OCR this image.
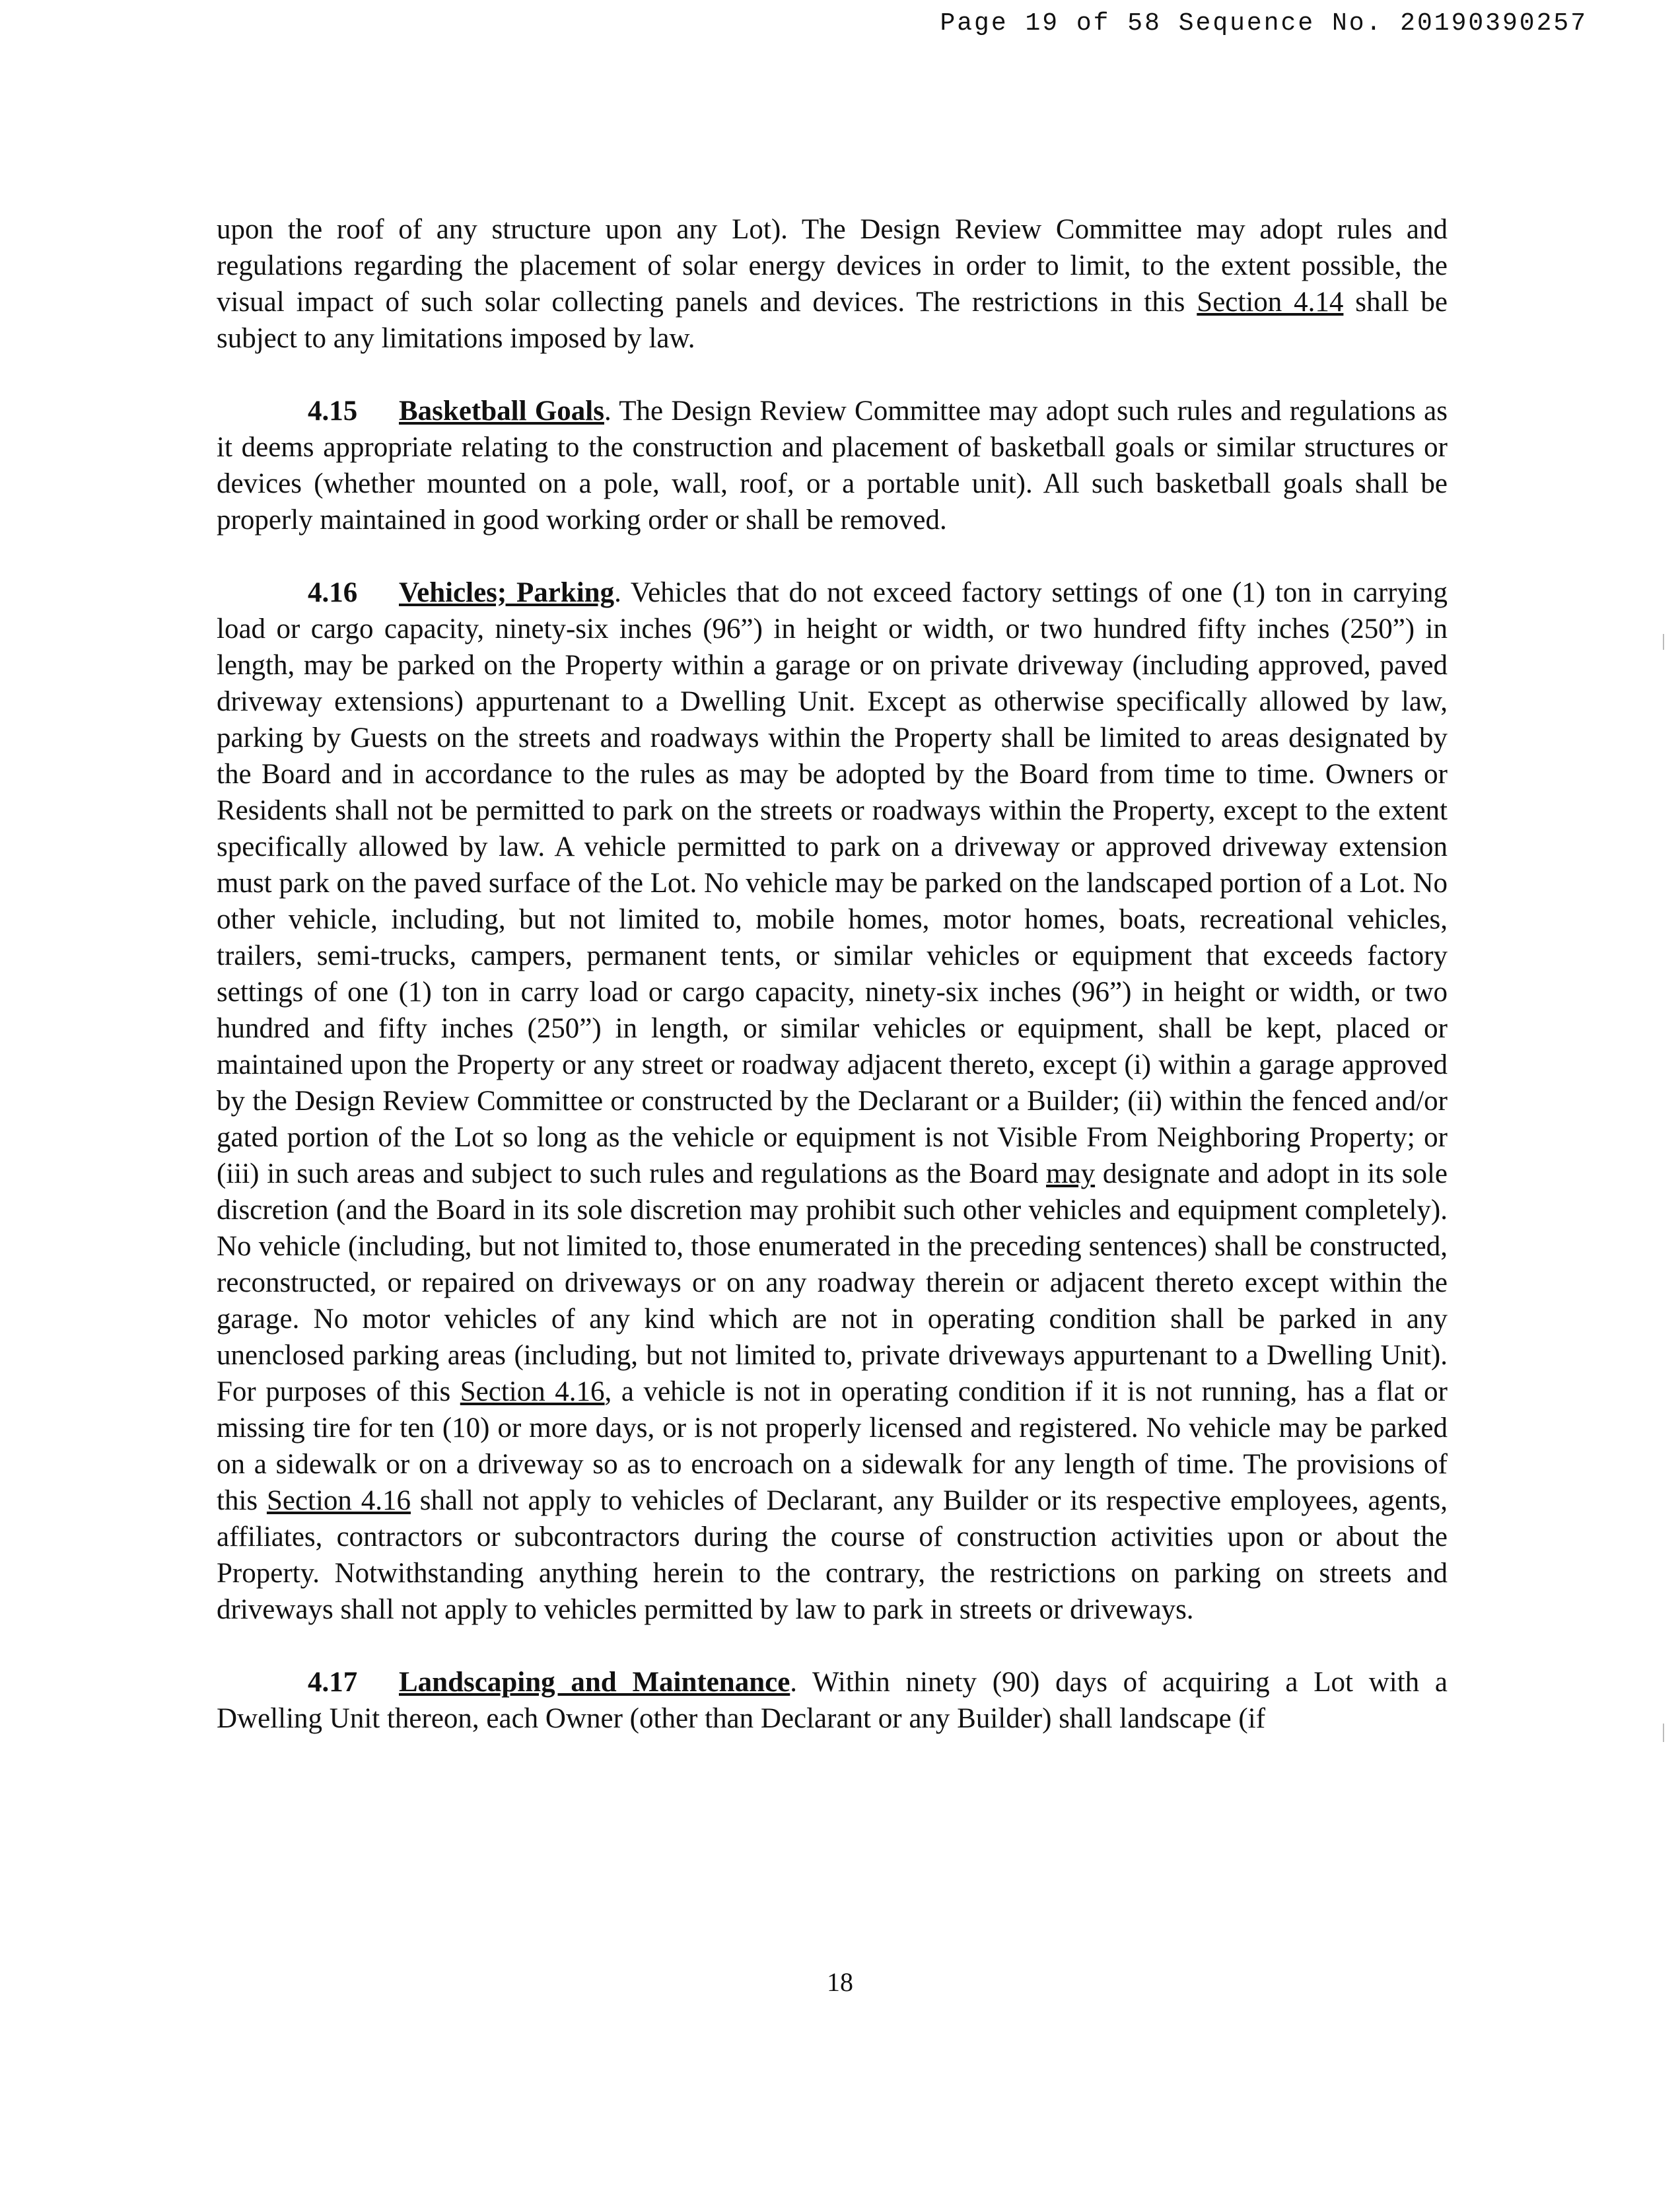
Page 19 of 58 Sequence No. 20190390257

upon the roof of any structure upon any Lot). The Design Review Committee may adopt rules and regulations regarding the placement of solar energy devices in order to limit, to the extent possible, the visual impact of such solar collecting panels and devices. The restrictions in this Section 4.14 shall be subject to any limitations imposed by law.

4.15 Basketball Goals. The Design Review Committee may adopt such rules and regulations as it deems appropriate relating to the construction and placement of basketball goals or similar structures or devices (whether mounted on a pole, wall, roof, or a portable unit). All such basketball goals shall be properly maintained in good working order or shall be removed.

4.16 Vehicles; Parking. Vehicles that do not exceed factory settings of one (1) ton in carrying load or cargo capacity, ninety-six inches (96”) in height or width, or two hundred fifty inches (250”) in length, may be parked on the Property within a garage or on private driveway (including approved, paved driveway extensions) appurtenant to a Dwelling Unit. Except as otherwise specifically allowed by law, parking by Guests on the streets and roadways within the Property shall be limited to areas designated by the Board and in accordance to the rules as may be adopted by the Board from time to time. Owners or Residents shall not be permitted to park on the streets or roadways within the Property, except to the extent specifically allowed by law. A vehicle permitted to park on a driveway or approved driveway extension must park on the paved surface of the Lot. No vehicle may be parked on the landscaped portion of a Lot. No other vehicle, including, but not limited to, mobile homes, motor homes, boats, recreational vehicles, trailers, semi-trucks, campers, permanent tents, or similar vehicles or equipment that exceeds factory settings of one (1) ton in carry load or cargo capacity, ninety-six inches (96”) in height or width, or two hundred and fifty inches (250”) in length, or similar vehicles or equipment, shall be kept, placed or maintained upon the Property or any street or roadway adjacent thereto, except (i) within a garage approved by the Design Review Committee or constructed by the Declarant or a Builder; (ii) within the fenced and/or gated portion of the Lot so long as the vehicle or equipment is not Visible From Neighboring Property; or (iii) in such areas and subject to such rules and regulations as the Board may designate and adopt in its sole discretion (and the Board in its sole discretion may prohibit such other vehicles and equipment completely). No vehicle (including, but not limited to, those enumerated in the preceding sentences) shall be constructed, reconstructed, or repaired on driveways or on any roadway therein or adjacent thereto except within the garage. No motor vehicles of any kind which are not in operating condition shall be parked in any unenclosed parking areas (including, but not limited to, private driveways appurtenant to a Dwelling Unit). For purposes of this Section 4.16, a vehicle is not in operating condition if it is not running, has a flat or missing tire for ten (10) or more days, or is not properly licensed and registered. No vehicle may be parked on a sidewalk or on a driveway so as to encroach on a sidewalk for any length of time. The provisions of this Section 4.16 shall not apply to vehicles of Declarant, any Builder or its respective employees, agents, affiliates, contractors or subcontractors during the course of construction activities upon or about the Property. Notwithstanding anything herein to the contrary, the restrictions on parking on streets and driveways shall not apply to vehicles permitted by law to park in streets or driveways.

4.17 Landscaping and Maintenance. Within ninety (90) days of acquiring a Lot with a Dwelling Unit thereon, each Owner (other than Declarant or any Builder) shall landscape (if

18
